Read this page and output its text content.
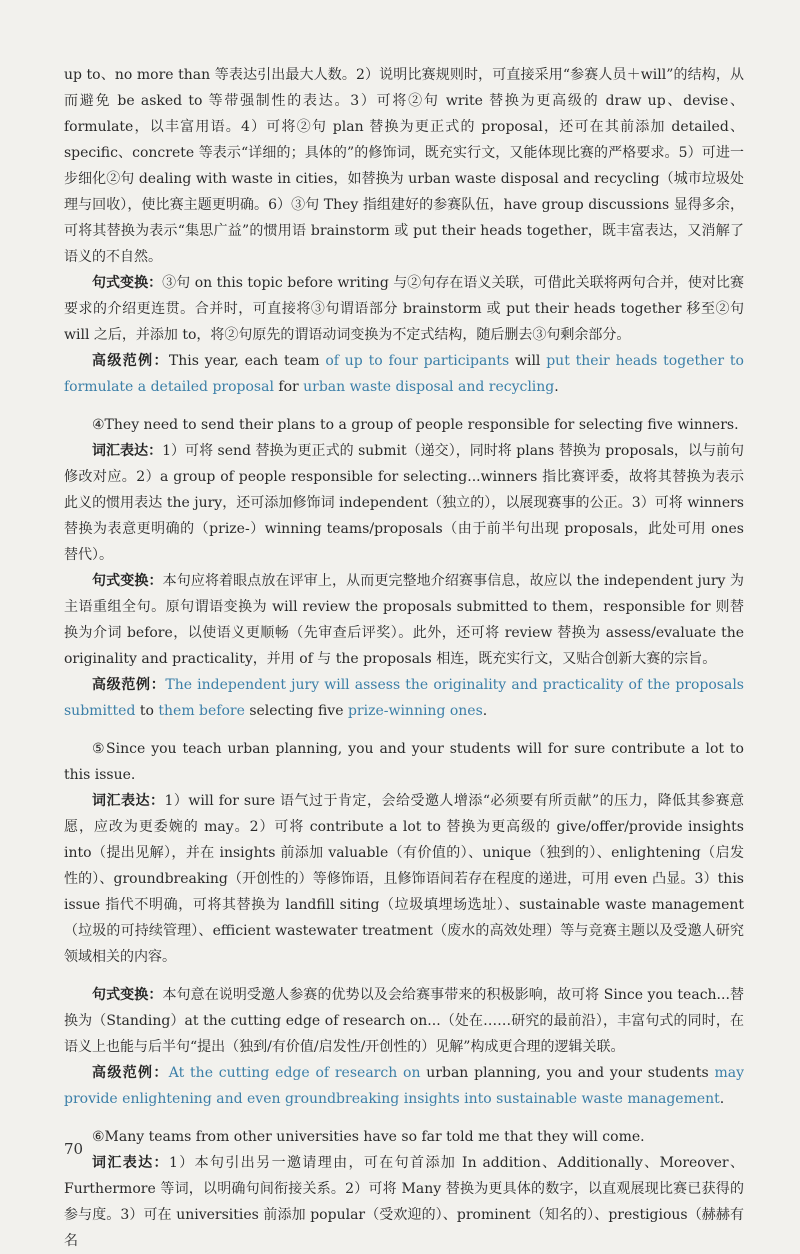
up to、no more than 等表达引出最大人数。2）说明比赛规则时，可直接采用“参赛人员＋will”的结构，从而避免 be asked to 等带强制性的表达。3）可将②句 write 替换为更高级的 draw up、devise、formulate，以丰富用语。4）可将②句 plan 替换为更正式的 proposal，还可在其前添加 detailed、specific、concrete 等表示“详细的；具体的”的修饰词，既充实行文，又能体现比赛的严格要求。5）可进一步细化②句 dealing with waste in cities，如替换为 urban waste disposal and recycling（城市垃圾处理与回收），使比赛主题更明确。6）③句 They 指组建好的参赛队伍，have group discussions 显得多余，可将其替换为表示“集思广益”的惯用语 brainstorm 或 put their heads together，既丰富表达，又消解了语义的不自然。

句式变换：③句 on this topic before writing 与②句存在语义关联，可借此关联将两句合并，使对比赛要求的介绍更连贯。合并时，可直接将③句谓语部分 brainstorm 或 put their heads together 移至②句 will 之后，并添加 to，将②句原先的谓语动词变换为不定式结构，随后删去③句剩余部分。

高级范例：This year, each team of up to four participants will put their heads together to formulate a detailed proposal for urban waste disposal and recycling.

④They need to send their plans to a group of people responsible for selecting five winners.

词汇表达：1）可将 send 替换为更正式的 submit（递交），同时将 plans 替换为 proposals，以与前句修改对应。2）a group of people responsible for selecting...winners 指比赛评委，故将其替换为表示此义的惯用表达 the jury，还可添加修饰词 independent（独立的），以展现赛事的公正。3）可将 winners 替换为表意更明确的（prize-）winning teams/proposals（由于前半句出现 proposals，此处可用 ones 替代）。

句式变换：本句应将着眼点放在评审上，从而更完整地介绍赛事信息，故应以 the independent jury 为主语重组全句。原句谓语变换为 will review the proposals submitted to them，responsible for 则替换为介词 before，以使语义更顺畅（先审查后评奖）。此外，还可将 review 替换为 assess/evaluate the originality and practicality，并用 of 与 the proposals 相连，既充实行文，又贴合创新大赛的宗旨。

高级范例：The independent jury will assess the originality and practicality of the proposals submitted to them before selecting five prize-winning ones.

⑤Since you teach urban planning, you and your students will for sure contribute a lot to this issue.

词汇表达：1）will for sure 语气过于肯定，会给受邀人增添“必须要有所贡献”的压力，降低其参赛意愿，应改为更委婉的 may。2）可将 contribute a lot to 替换为更高级的 give/offer/provide insights into（提出见解），并在 insights 前添加 valuable（有价值的）、unique（独到的）、enlightening（启发性的）、groundbreaking（开创性的）等修饰语，且修饰语间若存在程度的递进，可用 even 凸显。3）this issue 指代不明确，可将其替换为 landfill siting（垃圾填埋场选址）、sustainable waste management（垃圾的可持续管理）、efficient wastewater treatment（废水的高效处理）等与竞赛主题以及受邀人研究领域相关的内容。

句式变换：本句意在说明受邀人参赛的优势以及会给赛事带来的积极影响，故可将 Since you teach...替换为（Standing）at the cutting edge of research on...（处在……研究的最前沿），丰富句式的同时，在语义上也能与后半句“提出（独到/有价值/启发性/开创性的）见解”构成更合理的逻辑关联。

高级范例：At the cutting edge of research on urban planning, you and your students may provide enlightening and even groundbreaking insights into sustainable waste management.

⑥Many teams from other universities have so far told me that they will come.

词汇表达：1）本句引出另一邀请理由，可在句首添加 In addition、Additionally、Moreover、Furthermore 等词，以明确句间衔接关系。2）可将 Many 替换为更具体的数字，以直观展现比赛已获得的参与度。3）可在 universities 前添加 popular（受欢迎的）、prominent（知名的）、prestigious（赫赫有名

70
